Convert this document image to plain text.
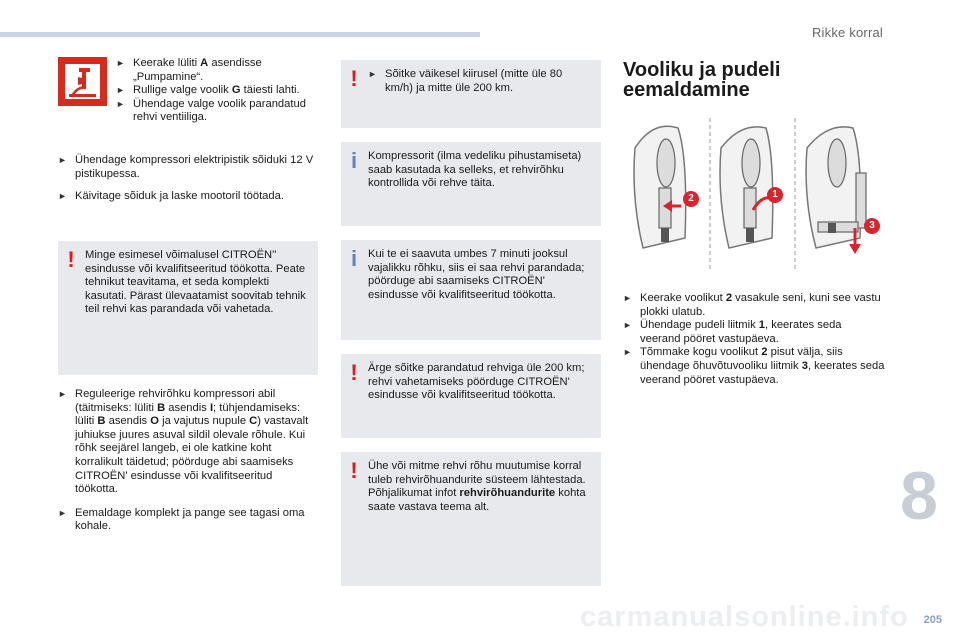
Rikke korral

► Keerake lüliti A asendisse „Pumpamine“.

► Rullige valge voolik G täiesti lahti.

► Ühendage valge voolik parandatud rehvi ventiiliga.

► Ühendage kompressori elektripistik sõiduki 12 V pistikupessa.

► Käivitage sõiduk ja laske mootoril töötada.

! Minge esimesel võimalusel CITROËN'' esindusse või kvalifitseeritud töökotta. Peate tehnikut teavitama, et seda komplekti kasutati. Pärast ülevaatamist soovitab tehnik teil rehvi kas parandada või vahetada.

► Reguleerige rehvirõhku kompressori abil (täitmiseks: lüliti B asendis I; tühjendamiseks: lüliti B asendis O ja vajutus nupule C) vastavalt juhiukse juures asuval sildil olevale rõhule. Kui rõhk seejärel langeb, ei ole katkine koht korralikult täidetud; pöörduge abi saamiseks CITROËN' esindusse või kvalifitseeritud töökotta.

► Eemaldage komplekt ja pange see tagasi oma kohale.

! ► Sõitke väikesel kiirusel (mitte üle 80 km/h) ja mitte üle 200 km.

i Kompressorit (ilma vedeliku pihustamiseta) saab kasutada ka selleks, et rehvirõhku kontrollida või rehve täita.

i Kui te ei saavuta umbes 7 minuti jooksul vajalikku rõhku, siis ei saa rehvi parandada; pöörduge abi saamiseks CITROËN' esindusse või kvalifitseeritud töökotta.

! Ärge sõitke parandatud rehviga üle 200 km; rehvi vahetamiseks pöörduge CITROËN' esindusse või kvalifitseeritud töökotta.

! Ühe või mitme rehvi rõhu muutumise korral tuleb rehvirõhuandurite süsteem lähtestada.

Põhjalikumat infot rehvirõhuandurite kohta saate vastava teema alt.

Vooliku ja pudeli
eemaldamine
2	1
3

► Keerake voolikut 2 vasakule seni, kuni see vastu plokki ulatub.

► Ühendage pudeli liitmik 1, keerates seda veerand pööret vastupäeva.

► Tõmmake kogu voolikut 2 pisut välja, siis ühendage õhuvõtuvooliku liitmik 3, keerates seda veerand pööret vastupäeva.

8
carmanualsonline.info 205
